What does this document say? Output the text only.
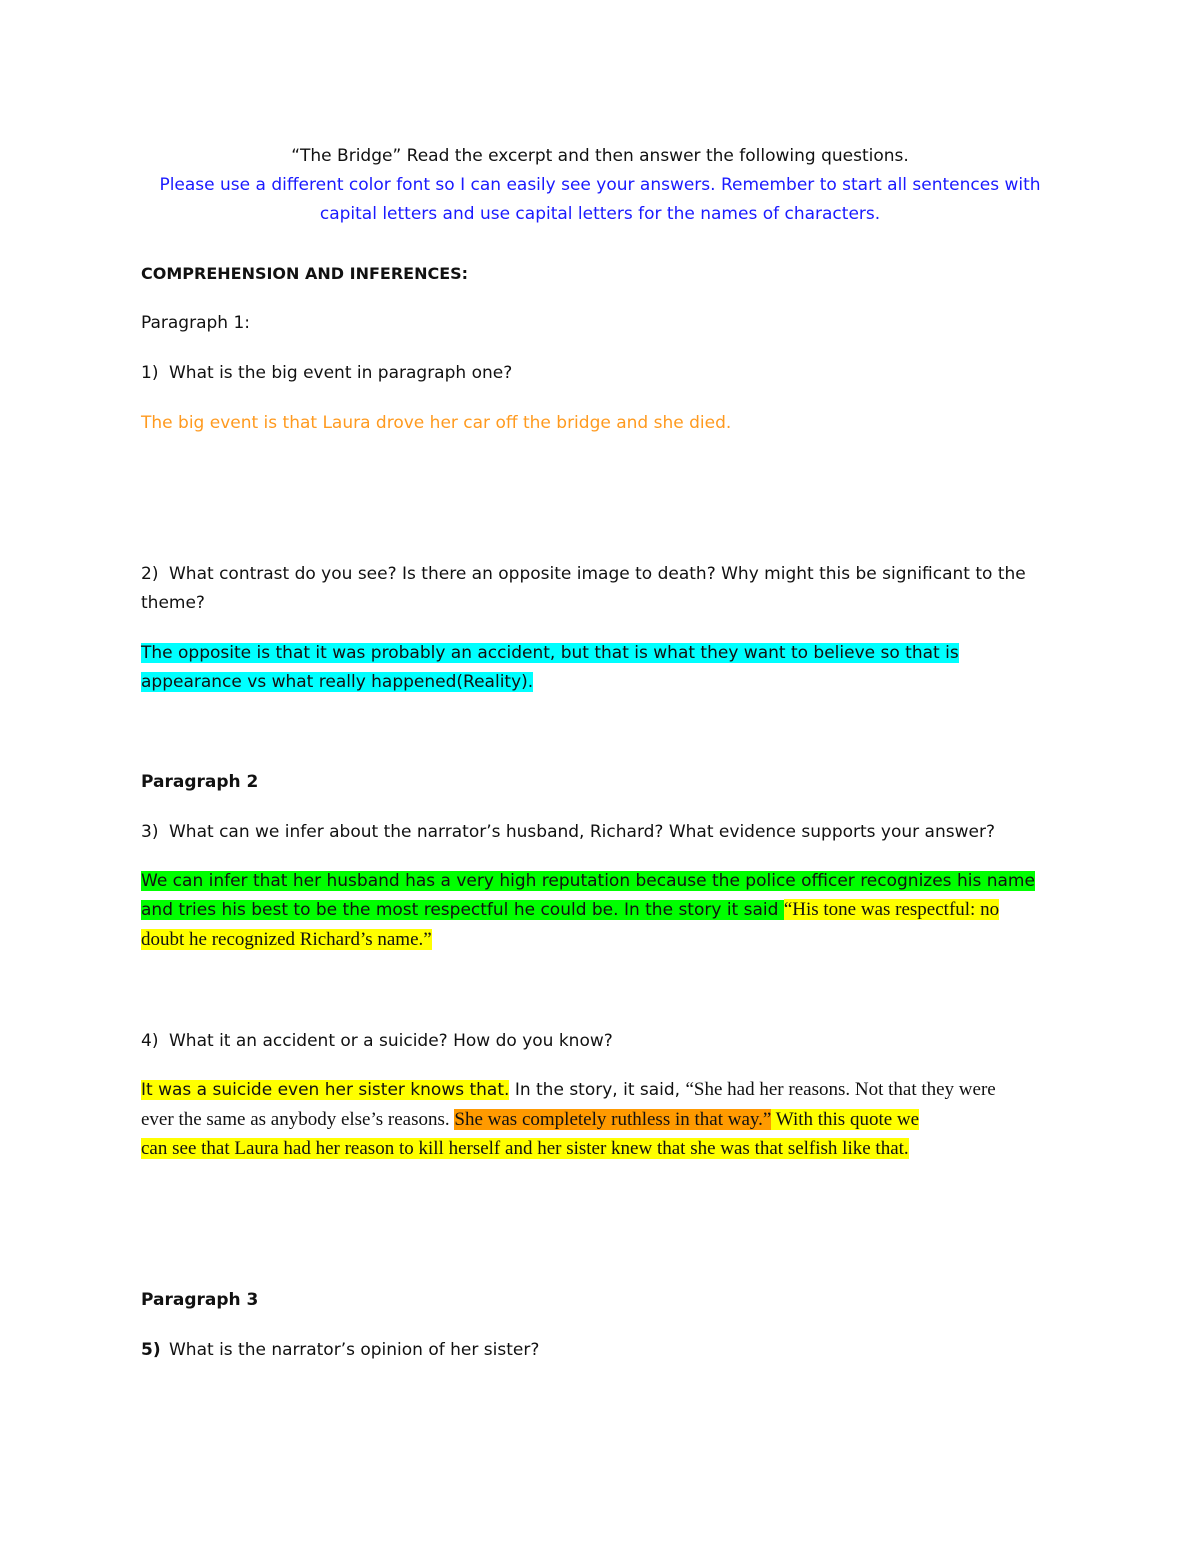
“The Bridge” Read the excerpt and then answer the following questions.
Please use a different color font so I can easily see your answers. Remember to start all sentences with
capital letters and use capital letters for the names of characters.
COMPREHENSION AND INFERENCES:
Paragraph 1:
1) What is the big event in paragraph one?
The big event is that Laura drove her car off the bridge and she died.
2) What contrast do you see? Is there an opposite image to death? Why might this be significant to the
theme?
The opposite is that it was probably an accident, but that is what they want to believe so that is
appearance vs what really happened(Reality).
Paragraph 2
3) What can we infer about the narrator’s husband, Richard? What evidence supports your answer?
We can infer that her husband has a very high reputation because the police officer recognizes his name
and tries his best to be the most respectful he could be. In the story it said “His tone was respectful: no
doubt he recognized Richard’s name.”
4) What it an accident or a suicide? How do you know?
It was a suicide even her sister knows that. In the story, it said, “She had her reasons. Not that they were
ever the same as anybody else’s reasons. She was completely ruthless in that way.” With this quote we
can see that Laura had her reason to kill herself and her sister knew that she was that selfish like that.
Paragraph 3
5) What is the narrator’s opinion of her sister?
